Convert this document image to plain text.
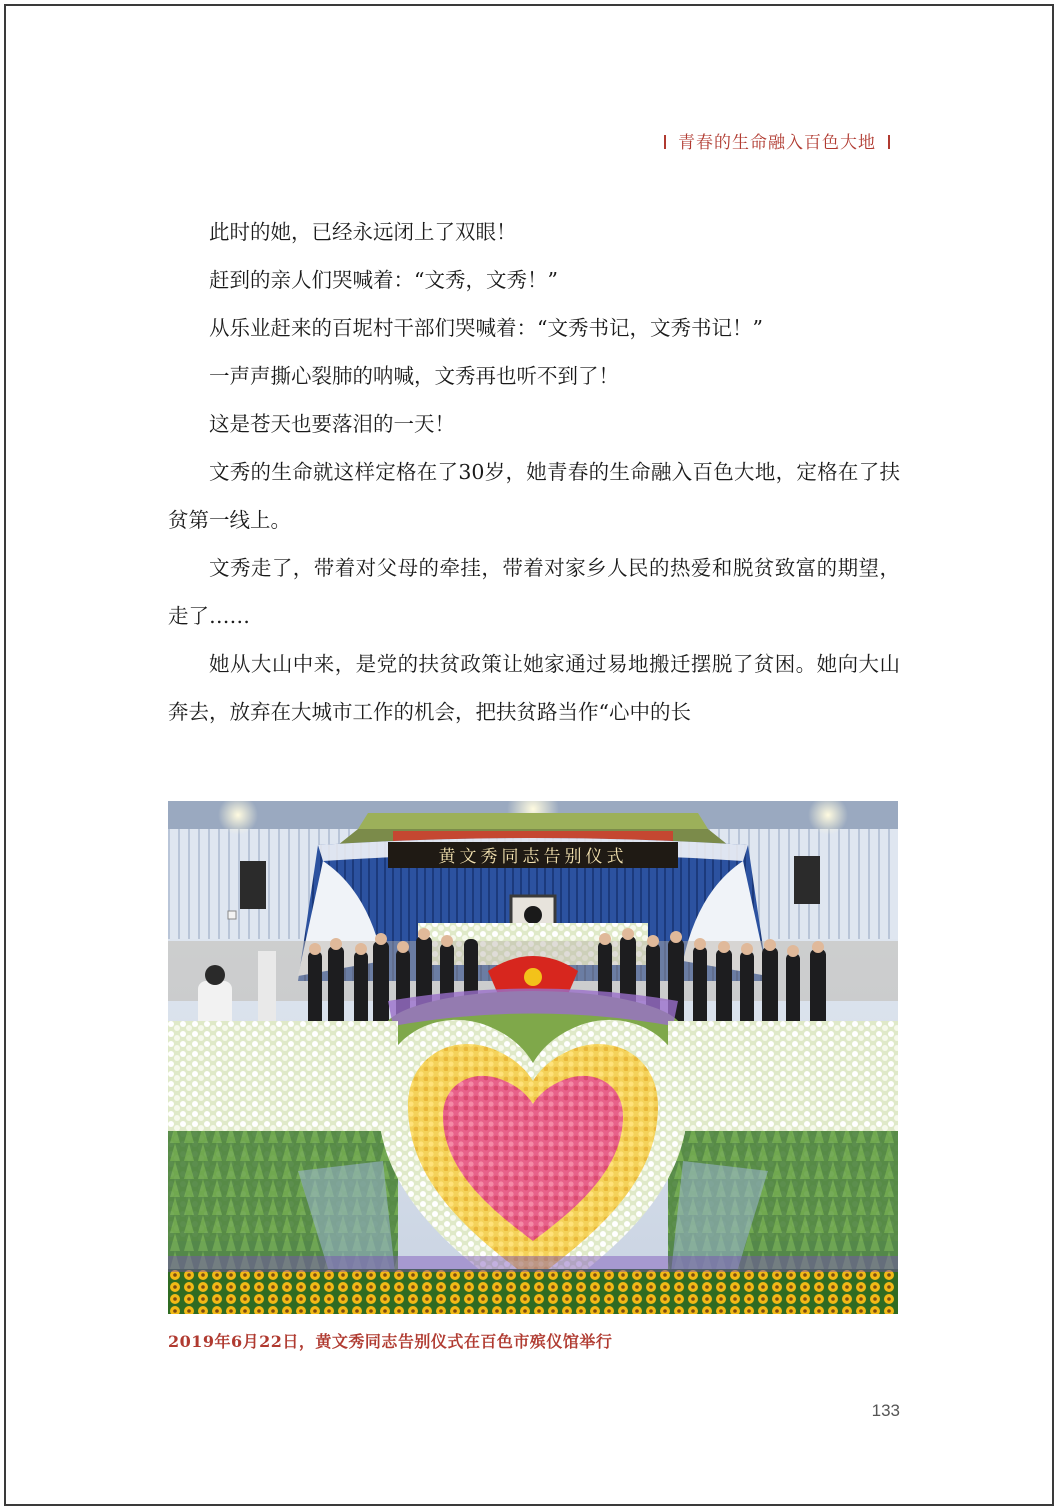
青春的生命融入百色大地

此时的她，已经永远闭上了双眼！

赶到的亲人们哭喊着：“文秀，文秀！”

从乐业赶来的百坭村干部们哭喊着：“文秀书记，文秀书记！”

一声声撕心裂肺的呐喊，文秀再也听不到了！

这是苍天也要落泪的一天！

文秀的生命就这样定格在了30岁，她青春的生命融入百色大地，定格在了扶贫第一线上。

文秀走了，带着对父母的牵挂，带着对家乡人民的热爱和脱贫致富的期望，走了……

她从大山中来，是党的扶贫政策让她家通过易地搬迁摆脱了贫困。她向大山奔去，放弃在大城市工作的机会，把扶贫路当作“心中的长

黄文秀同志告别仪式
2019年6月22日，黄文秀同志告别仪式在百色市殡仪馆举行
133
